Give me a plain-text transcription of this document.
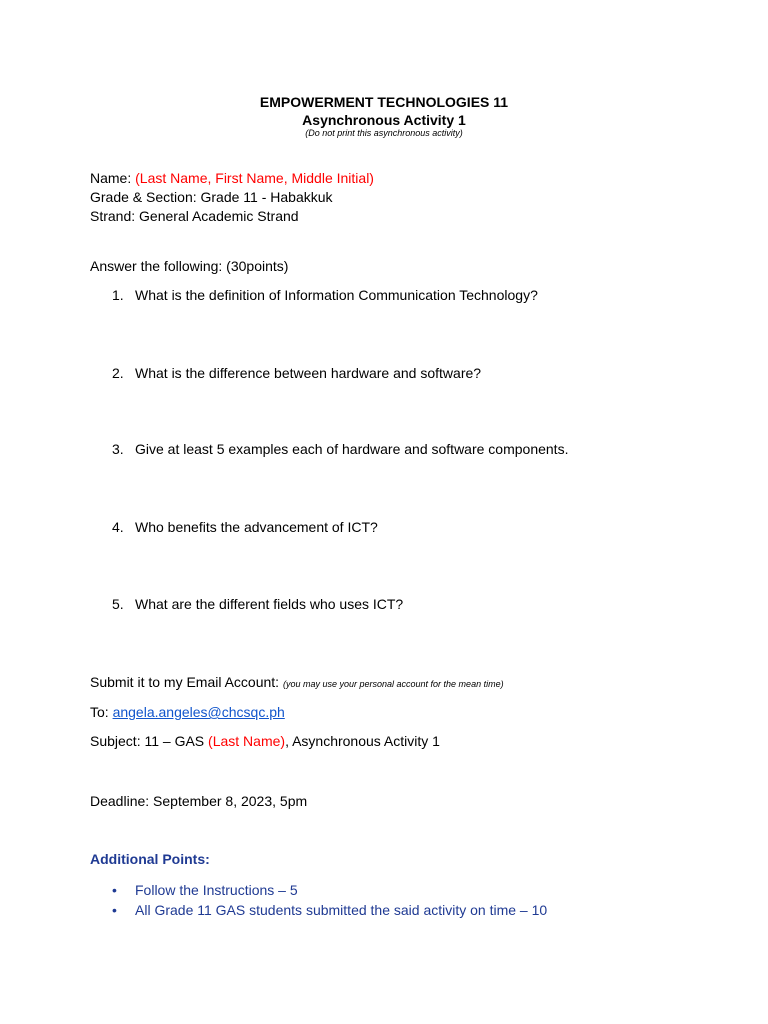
EMPOWERMENT TECHNOLOGIES 11
Asynchronous Activity 1
(Do not print this asynchronous activity)
Name: (Last Name, First Name, Middle Initial)
Grade & Section: Grade 11 - Habakkuk
Strand: General Academic Strand
Answer the following: (30points)
1. What is the definition of Information Communication Technology?
2. What is the difference between hardware and software?
3. Give at least 5 examples each of hardware and software components.
4. Who benefits the advancement of ICT?
5. What are the different fields who uses ICT?
Submit it to my Email Account: (you may use your personal account for the mean time)
To: angela.angeles@chcsqc.ph
Subject: 11 – GAS (Last Name), Asynchronous Activity 1
Deadline: September 8, 2023, 5pm
Additional Points:
• Follow the Instructions – 5
• All Grade 11 GAS students submitted the said activity on time – 10
